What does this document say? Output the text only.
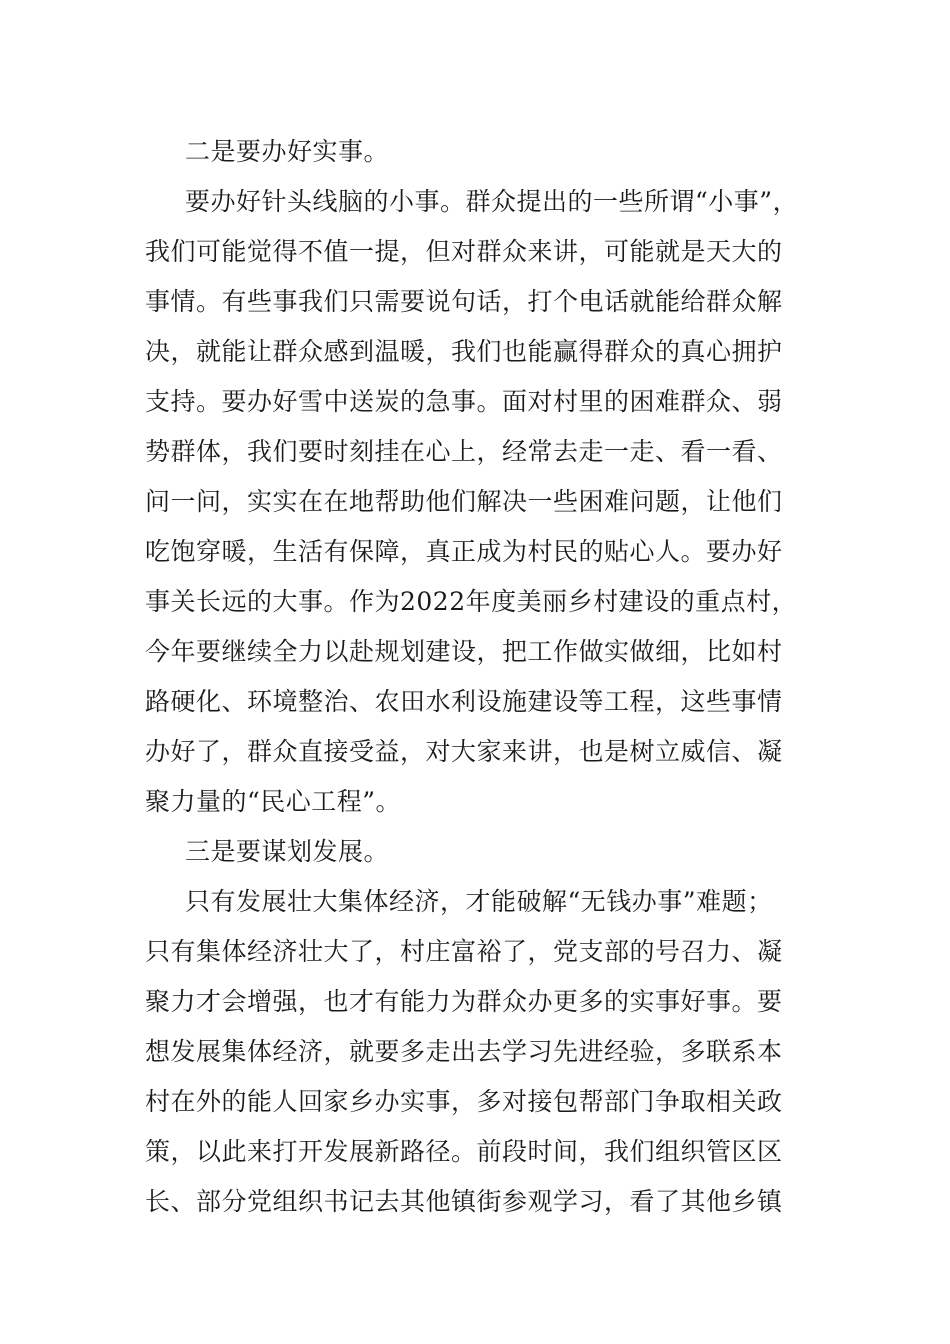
二是要办好实事。
要办好针头线脑的小事。群众提出的一些所谓“小事”，
我们可能觉得不值一提，但对群众来讲，可能就是天大的
事情。有些事我们只需要说句话，打个电话就能给群众解
决，就能让群众感到温暖，我们也能赢得群众的真心拥护
支持。要办好雪中送炭的急事。面对村里的困难群众、弱
势群体，我们要时刻挂在心上，经常去走一走、看一看、
问一问，实实在在地帮助他们解决一些困难问题，让他们
吃饱穿暖，生活有保障，真正成为村民的贴心人。要办好
事关长远的大事。作为2022年度美丽乡村建设的重点村，
今年要继续全力以赴规划建设，把工作做实做细，比如村
路硬化、环境整治、农田水利设施建设等工程，这些事情
办好了，群众直接受益，对大家来讲，也是树立威信、凝
聚力量的“民心工程”。
三是要谋划发展。
只有发展壮大集体经济，才能破解“无钱办事”难题；
只有集体经济壮大了，村庄富裕了，党支部的号召力、凝
聚力才会增强，也才有能力为群众办更多的实事好事。要
想发展集体经济，就要多走出去学习先进经验，多联系本
村在外的能人回家乡办实事，多对接包帮部门争取相关政
策，以此来打开发展新路径。前段时间，我们组织管区区
长、部分党组织书记去其他镇街参观学习，看了其他乡镇
